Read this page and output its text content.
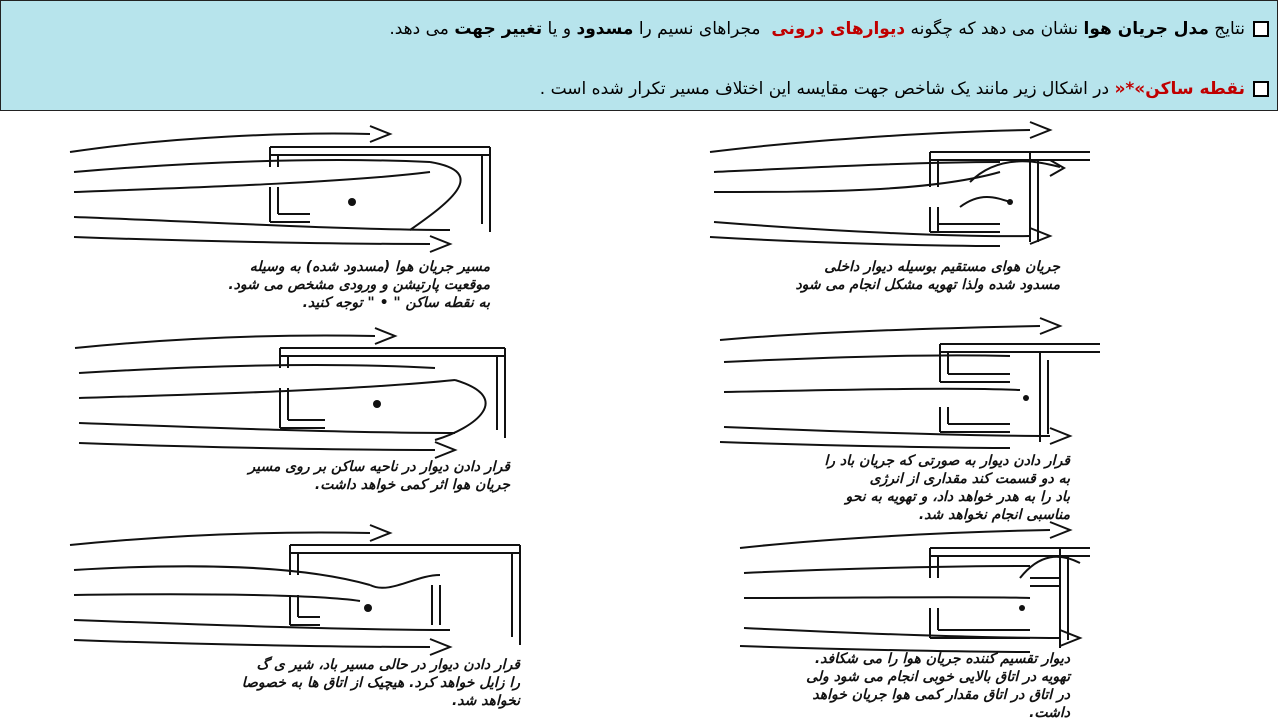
نتایج مدل جریان هوا نشان می دهد که چگونه دیوارهای درونی  مجراهای نسیم را مسدود و یا تغییر جهت می دهد.
نقطه ساکن»*« در اشکال زیر مانند یک شاخص جهت مقایسه این اختلاف مسیر تکرار شده است .
جریان هوای مستقیم بوسیله دیوار داخلی
مسدود شده ولذا تهویه مشکل انجام می شود
مسیر جریان هوا (مسدود شده) به وسیله
موقعیت پارتیشن و ورودی مشخص می شود.
به نقطه ساکن " • " توجه کنید.
قرار دادن دیوار به صورتی که جریان باد را
به دو قسمت کند مقداری از انرژی
باد را به هدر خواهد داد، و تهویه به نحو
مناسبی انجام نخواهد شد.
قرار دادن دیوار در ناحیه ساکن بر روی مسیر
جریان هوا اثر کمی خواهد داشت.
دیوار تقسیم کننده جریان هوا را می شکافد.
تهویه در اتاق بالایی خوبی انجام می شود ولی
در اتاق در اتاق مقدار کمی هوا جریان خواهد
داشت.
قرار دادن دیوار در حالی مسیر باد، شیر ی گ
را زایل خواهد کرد. هیچیک از اتاق ها به خصوصا
نخواهد شد.
